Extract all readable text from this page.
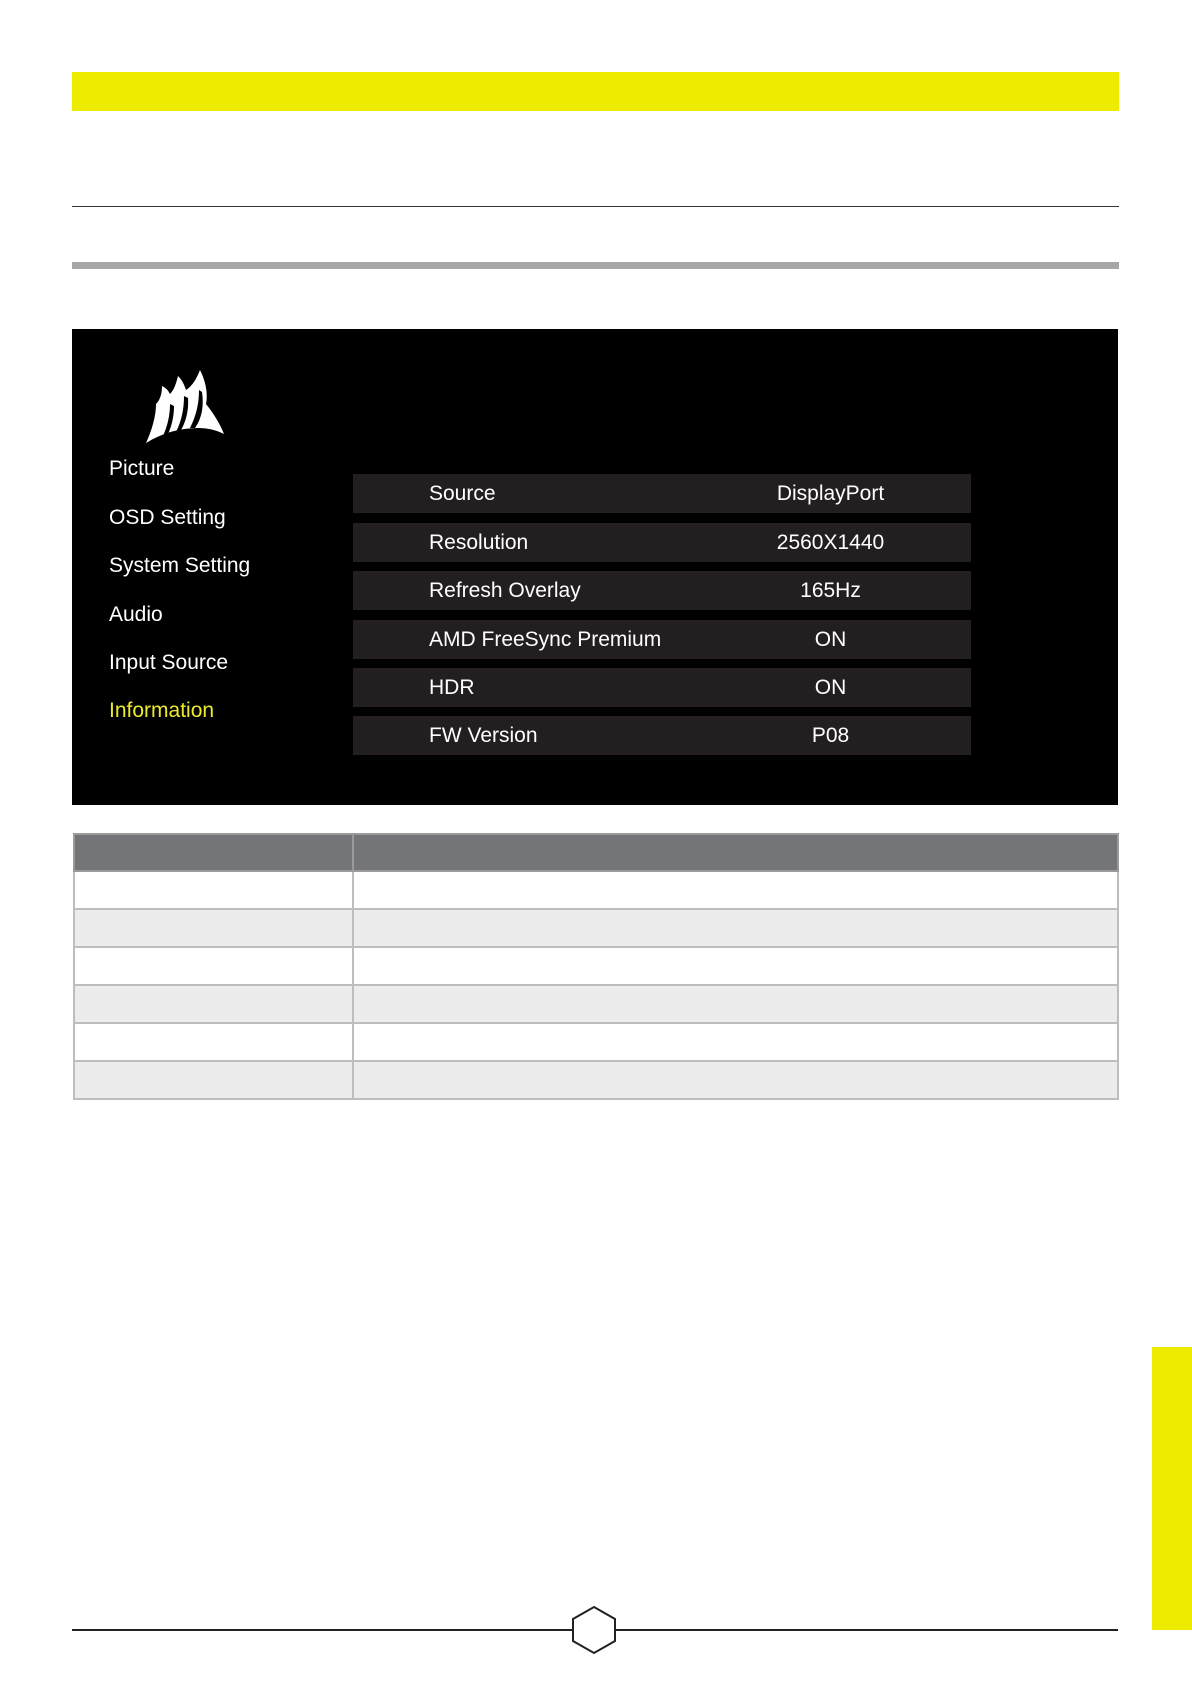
Picture
OSD Setting
System Setting
Audio
Input Source
Information
Source	DisplayPort
Resolution	2560X1440
Refresh Overlay	165Hz
AMD FreeSync Premium	ON
HDR	ON
FW Version	P08
